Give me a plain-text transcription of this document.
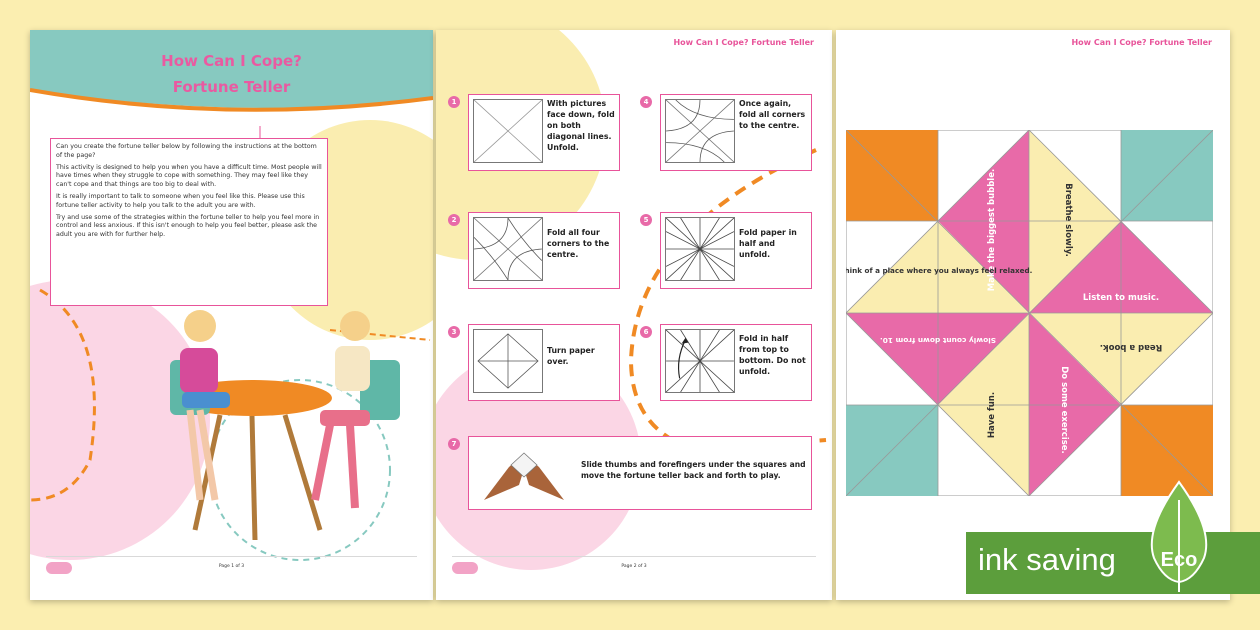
How Can I Cope?
Fortune Teller

Can you create the fortune teller below by following the instructions at the bottom of the page?

This activity is designed to help you when you have a difficult time. Most people will have times when they struggle to cope with something. They may feel like they can't cope and that things are too big to deal with.

It is really important to talk to someone when you feel like this. Please use this fortune teller activity to help you talk to the adult you are with.

Try and use some of the strategies within the fortune teller to help you feel more in control and less anxious. If this isn't enough to help you feel better, please ask the adult you are with for further help.

Page 1 of 3
How Can I Cope? Fortune Teller
1	With pictures face down, fold on both diagonal lines. Unfold.
2
Fold all four corners to the centre.
3
Turn paper over.
4	Once again, fold all corners to the centre.
5
Fold paper in half and unfold.
6
Fold in half from top to bottom. Do not unfold.
7
Slide thumbs and forefingers under the squares and move the fortune teller back and forth to play.
Page 2 of 3
How Can I Cope? Fortune Teller
Make the biggest bubble.	Breathe slowly.
Think of a place where you always feel relaxed.
Listen to music.
Slowly count down from 10.
Read a book.
Have fun.	Do some exercise.
ink saving Eco
